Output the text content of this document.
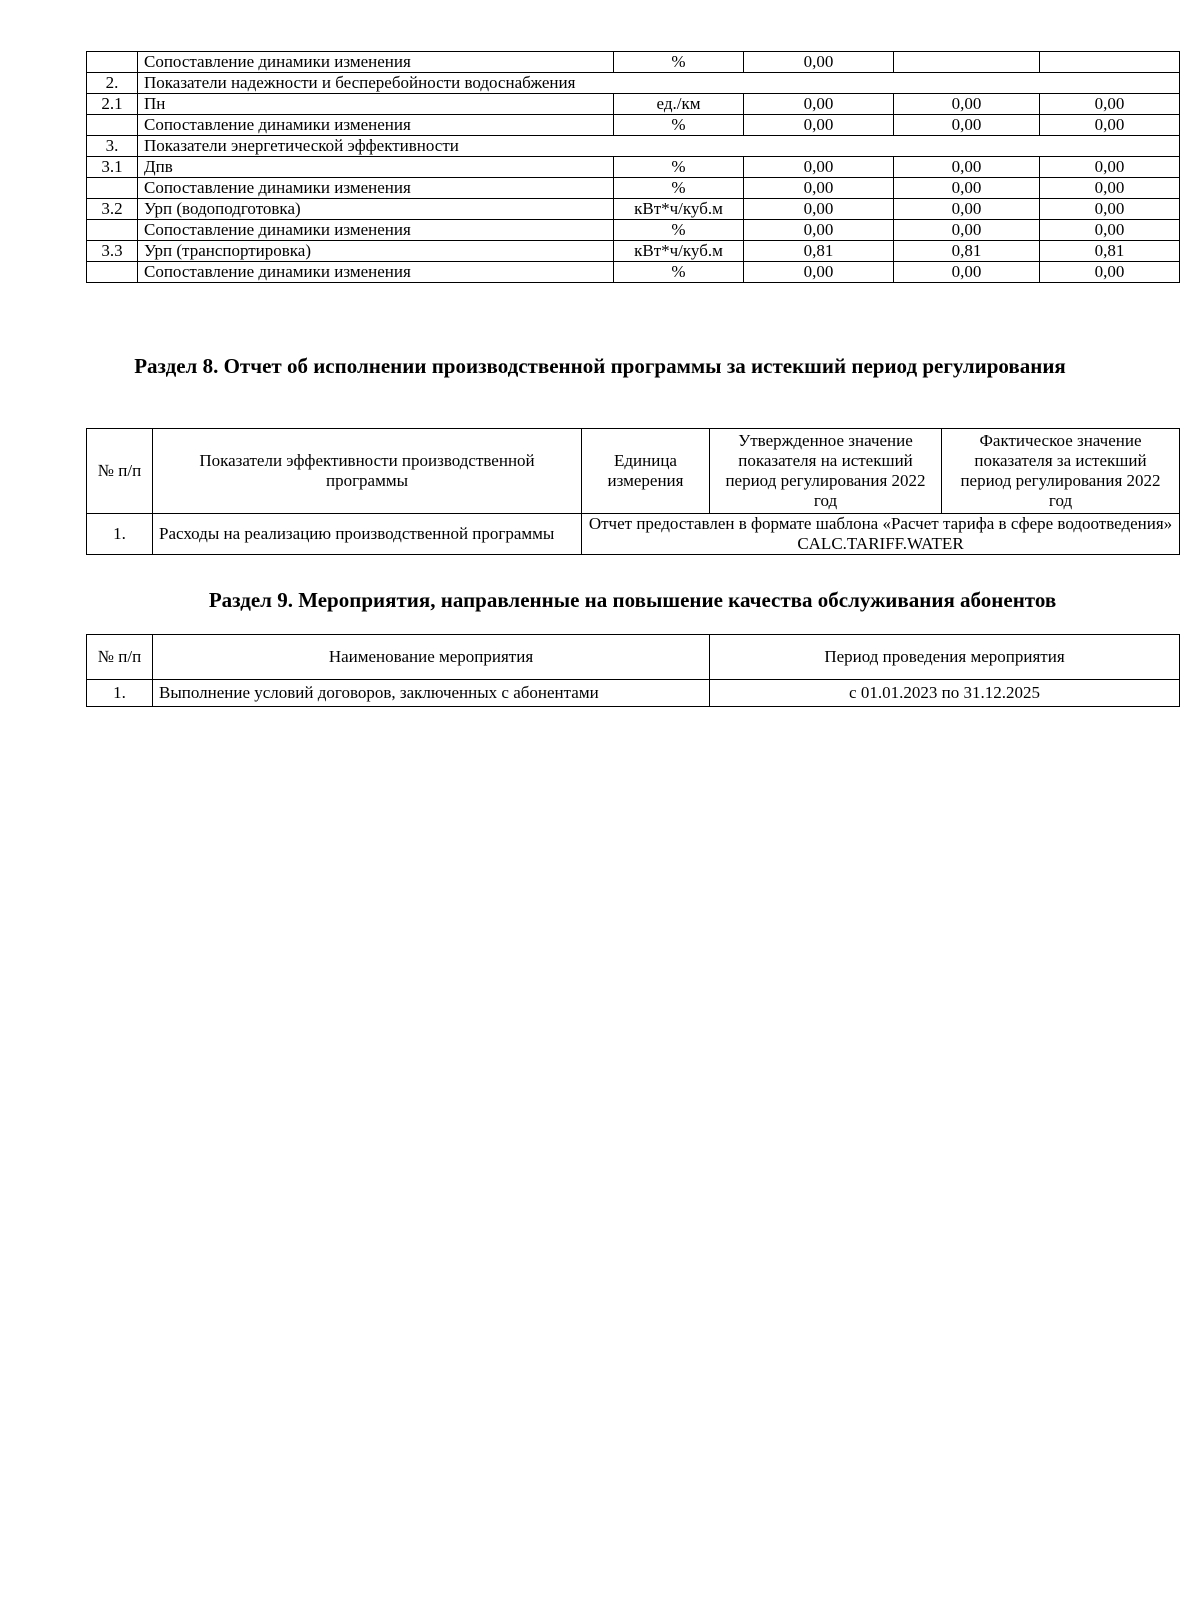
	Сопоставление динамики изменения	%	0,00		
2.	Показатели надежности и бесперебойности водоснабжения				
2.1	Пн	ед./км	0,00	0,00	0,00
	Сопоставление динамики изменения	%	0,00	0,00	0,00
3.	Показатели энергетической эффективности				
3.1	Дпв	%	0,00	0,00	0,00
	Сопоставление динамики изменения	%	0,00	0,00	0,00
3.2	Урп (водоподготовка)	кВт*ч/куб.м	0,00	0,00	0,00
	Сопоставление динамики изменения	%	0,00	0,00	0,00
3.3	Урп (транспортировка)	кВт*ч/куб.м	0,81	0,81	0,81
	Сопоставление динамики изменения	%	0,00	0,00	0,00
Раздел 8. Отчет об исполнении производственной программы за истекший период регулирования
№ п/п	Показатели эффективности производственной программы	Единица измерения	Утвержденное значение показателя на истекший период регулирования 2022 год	Фактическое значение показателя за истекший период регулирования 2022 год
1.	Расходы на реализацию производственной программы	Отчет предоставлен в формате шаблона «Расчет тарифа в сфере водоотведения» CALC.TARIFF.WATER		
Раздел 9. Мероприятия, направленные на повышение качества обслуживания абонентов
№ п/п	Наименование мероприятия	Период проведения мероприятия
1.	Выполнение условий договоров, заключенных с абонентами	с 01.01.2023 по 31.12.2025
